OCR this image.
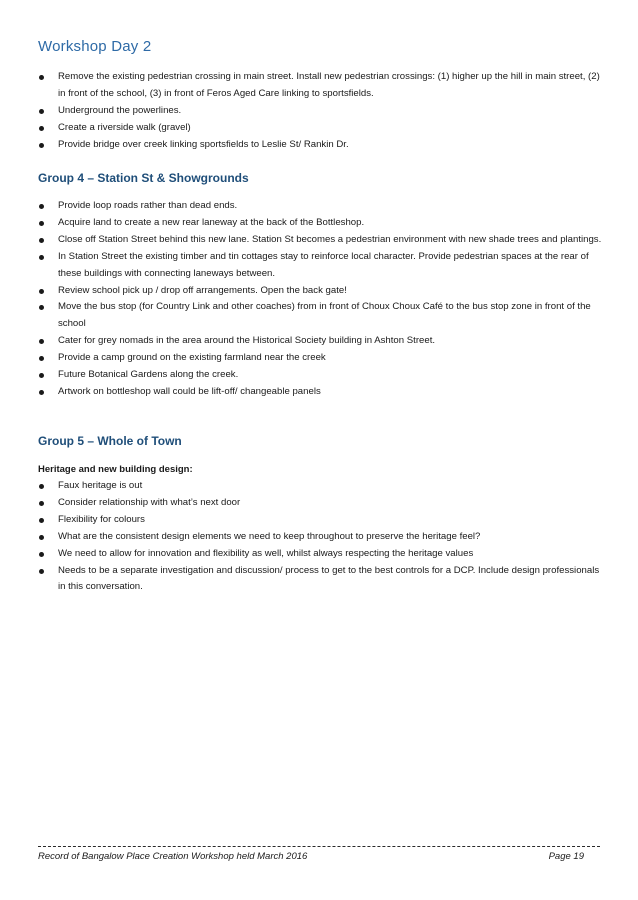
Workshop Day 2
Remove the existing pedestrian crossing in main street. Install new pedestrian crossings: (1) higher up the hill in main street, (2) in front of the school, (3) in front of Feros Aged Care linking to sportsfields.
Underground the powerlines.
Create a riverside walk (gravel)
Provide bridge over creek linking sportsfields to Leslie St/ Rankin Dr.
Group 4 – Station St & Showgrounds
Provide loop roads rather than dead ends.
Acquire land to create a new rear laneway at the back of the Bottleshop.
Close off Station Street behind this new lane. Station St becomes a pedestrian environment with new shade trees and plantings.
In Station Street the existing timber and tin cottages stay to reinforce local character. Provide pedestrian spaces at the rear of these buildings with connecting laneways between.
Review school pick up / drop off arrangements. Open the back gate!
Move the bus stop (for Country Link and other coaches) from in front of Choux Choux Café to the bus stop zone in front of the school
Cater for grey nomads in the area around the Historical Society building in Ashton Street.
Provide a camp ground on the existing farmland near the creek
Future Botanical Gardens along the creek.
Artwork on bottleshop wall could be lift-off/ changeable panels
Group 5 – Whole of Town
Heritage and new building design:
Faux heritage is out
Consider relationship with what’s next door
Flexibility for colours
What are the consistent design elements we need to keep throughout to preserve the heritage feel?
We need to allow for innovation and flexibility as well, whilst always respecting the heritage values
Needs to be a separate investigation and discussion/ process to get to the best controls for a DCP. Include design professionals in this conversation.
Record of Bangalow Place Creation Workshop held March 2016	Page 19
